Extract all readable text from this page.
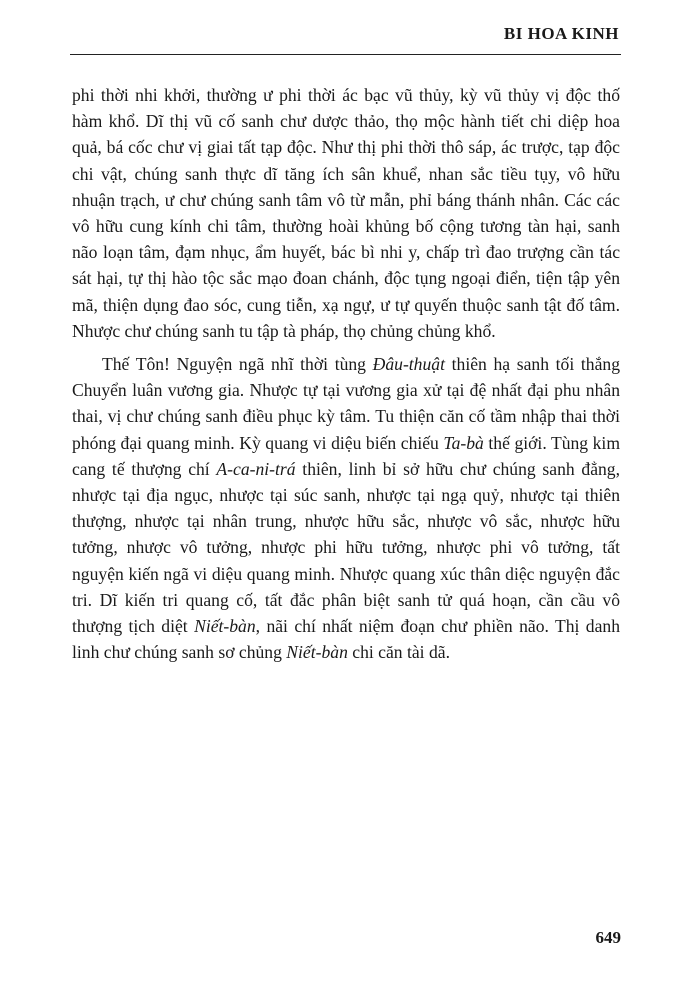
BI HOA KINH

phi thời nhi khởi, thường ư phi thời ác bạc vũ thủy, kỳ vũ thủy vị độc thố hàm khổ. Dĩ thị vũ cố sanh chư dược thảo, thọ mộc hành tiết chi diệp hoa quả, bá cốc chư vị giai tất tạp độc. Như thị phi thời thô sáp, ác trược, tạp độc chi vật, chúng sanh thực dĩ tăng ích sân khuể, nhan sắc tiều tụy, vô hữu nhuận trạch, ư chư chúng sanh tâm vô từ mẫn, phỉ báng thánh nhân. Các các vô hữu cung kính chi tâm, thường hoài khủng bố cộng tương tàn hại, sanh não loạn tâm, đạm nhục, ẩm huyết, bác bì nhi y, chấp trì đao trượng cần tác sát hại, tự thị hào tộc sắc mạo đoan chánh, độc tụng ngoại điển, tiện tập yên mã, thiện dụng đao sóc, cung tiễn, xạ ngự, ư tự quyến thuộc sanh tật đố tâm. Nhược chư chúng sanh tu tập tà pháp, thọ chủng chủng khổ.

Thế Tôn! Nguyện ngã nhĩ thời tùng Đâu-thuật thiên hạ sanh tối thắng Chuyển luân vương gia. Nhược tự tại vương gia xử tại đệ nhất đại phu nhân thai, vị chư chúng sanh điều phục kỳ tâm. Tu thiện căn cố tầm nhập thai thời phóng đại quang minh. Kỳ quang vi diệu biến chiếu Ta-bà thế giới. Tùng kim cang tế thượng chí A-ca-ni-trá thiên, linh bỉ sở hữu chư chúng sanh đẳng, nhược tại địa ngục, nhược tại súc sanh, nhược tại ngạ quỷ, nhược tại thiên thượng, nhược tại nhân trung, nhược hữu sắc, nhược vô sắc, nhược hữu tưởng, nhược vô tưởng, nhược phi hữu tưởng, nhược phi vô tưởng, tất nguyện kiến ngã vi diệu quang minh. Nhược quang xúc thân diệc nguyện đắc tri. Dĩ kiến tri quang cố, tất đắc phân biệt sanh tử quá hoạn, cần cầu vô thượng tịch diệt Niết-bàn, nãi chí nhất niệm đoạn chư phiền não. Thị danh linh chư chúng sanh sơ chủng Niết-bàn chi căn tài dã.

649
